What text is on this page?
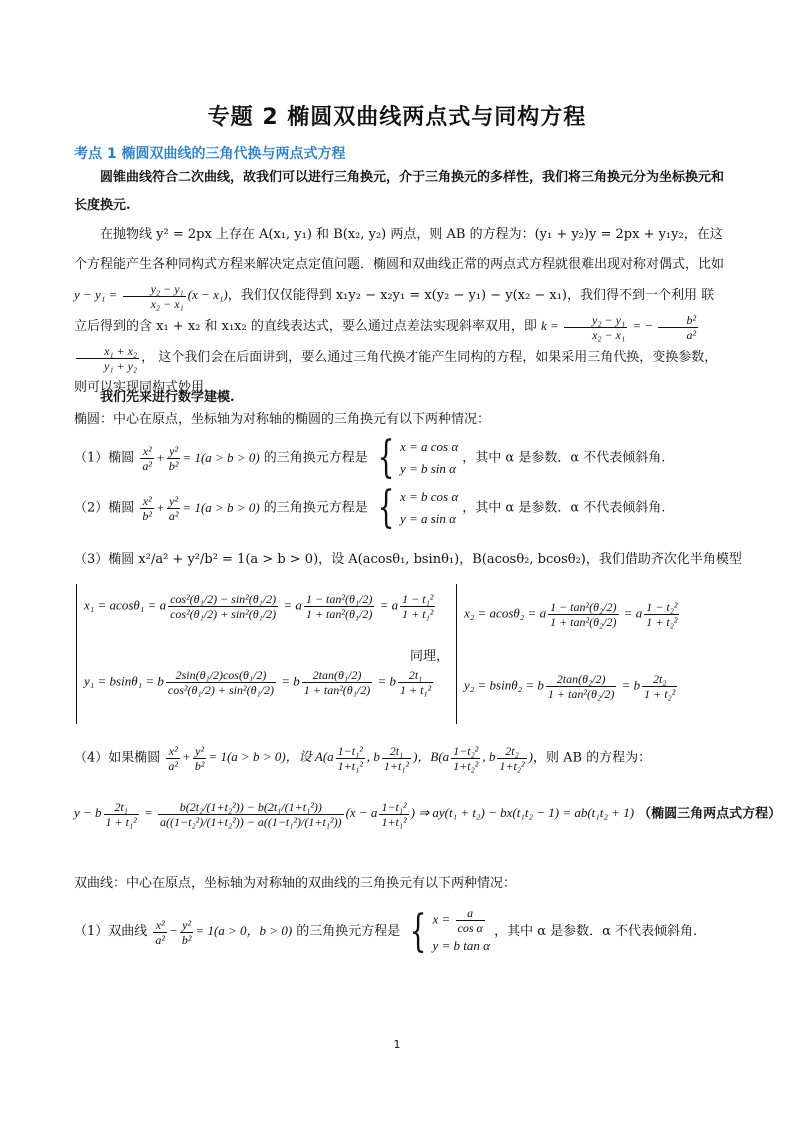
专题 2 椭圆双曲线两点式与同构方程
考点 1 椭圆双曲线的三角代换与两点式方程
圆锥曲线符合二次曲线，故我们可以进行三角换元，介于三角换元的多样性，我们将三角换元分为坐标换元和长度换元.
在抛物线 y² = 2px 上存在 A(x₁, y₁) 和 B(x₂, y₂) 两点，则 AB 的方程为：(y₁ + y₂)y = 2px + y₁y₂，在这个方程能产生各种同构式方程来解决定点定值问题．椭圆和双曲线正常的两点式方程就很难出现对称对偶式，比如 $y - y_1 = \frac{\text{y₂ − y₁}}{\text{x₂ − x₁}} (x - x_1)$，我们仅仅能得到 x₁y₂ − x₂y₁ = x(y₂ − y₁) − y(x₂ − x₁)，我们得不到一个利用 联立后得到的含 x₁ + x₂ 和 x₁x₂ 的直线表达式，要么通过点差法实现斜率双用，即 $k = \frac{\text{y₂ − y₁}}{\text{x₂ − x₁}}$ = − $\frac{\text{b²}}{\text{a²}}$
$\frac{\text{x₁ + x₂}}{\text{y₁ + y₂}}$ ， 这个我们会在后面讲到，要么通过三角代换才能产生同构的方程，如果采用三角代换，变换参数，则可以实现同构式妙用.
我们先来进行数学建模.
椭圆：中心在原点，坐标轴为对称轴的椭圆的三角换元有以下两种情况：
（1）椭圆 $\frac{\text{x²}}{\text{a²}} + \frac{\text{y²}}{\text{b²}} = 1(a > b > 0)$ 的三角换元方程是 { x = a cos α
y = b sin α ，其中 α 是参数．α 不代表倾斜角.
（2）椭圆 $\frac{\text{x²}}{\text{b²}} + \frac{\text{y²}}{\text{a²}} = 1(a > b > 0)$ 的三角换元方程是 { x = b cos α
y = a sin α ，其中 α 是参数．α 不代表倾斜角.
（3）椭圆 x²/a² + y²/b² = 1(a > b > 0)，设 A(acosθ₁, bsinθ₁)，B(acosθ₂, bcosθ₂)，我们借助齐次化半角模型
x₁ = acosθ₁ = a $\frac{\text{cos²(θ₁/2) − sin²(θ₁/2)}}{\text{cos²(θ₁/2) + sin²(θ₁/2)}} = a \frac{\text{1 − tan²(θ₁/2)}}{\text{1 + tan²(θ₁/2)}} = a \frac{\text{1 − t₁²}}{\text{1 + t₁²}}$
y₁ = bsinθ₁ = b $\frac{\text{2sin(θ₁/2)cos(θ₁/2)}}{\text{cos²(θ₁/2) + sin²(θ₁/2)}} = b \frac{\text{2tan(θ₁/2)}}{\text{1 + tan²(θ₁/2)}} = b \frac{\text{2t₁}}{\text{1 + t₁²}}$
同理，
x₂ = acosθ₂ = a $\frac{\text{1 − tan²(θ₂/2)}}{\text{1 + tan²(θ₂/2)}} = a \frac{\text{1 − t₂²}}{\text{1 + t₂²}}$
y₂ = bsinθ₂ = b $\frac{\text{2tan(θ₂/2)}}{\text{1 + tan²(θ₂/2)}} = b \frac{\text{2t₂}}{\text{1 + t₂²}}$
（4）如果椭圆 $\frac{\text{x²}}{\text{a²}} + \frac{\text{y²}}{\text{b²}} = 1(a > b > 0)$，设 $A(a \frac{\text{1−t₁²}}{\text{1+t₁²}}$ , b $\frac{\text{2t₁}}{\text{1+t₁²}}$ )，$B(a \frac{\text{1−t₂²}}{\text{1+t₂²}}$ , b $\frac{\text{2t₂}}{\text{1+t₂²}}$ )，则 AB 的方程为：
y − b $\frac{\text{2t₁}}{\text{1 + t₁²}} = \frac{\text{b(2t₂/(1+t₂²)) − b(2t₁/(1+t₁²))}}{\text{a((1−t₂²)/(1+t₂²)) − a((1−t₁²)/(1+t₁²))}} (x - a \frac{\text{1−t₁²}}{\text{1+t₁²}}$ ) ⇒ ay(t₁ + t₂) − bx(t₁t₂ − 1) = ab(t₁t₂ + 1) （椭圆三角两点式方程）
双曲线：中心在原点，坐标轴为对称轴的双曲线的三角换元有以下两种情况：
（1）双曲线 $\frac{\text{x²}}{\text{a²}} - \frac{\text{y²}}{\text{b²}} = 1(a > 0$，b > 0) 的三角换元方程是 { $x = \frac{a}{\text{cos α}}$

y = b tan α ，其中 α 是参数．α 不代表倾斜角.
1
